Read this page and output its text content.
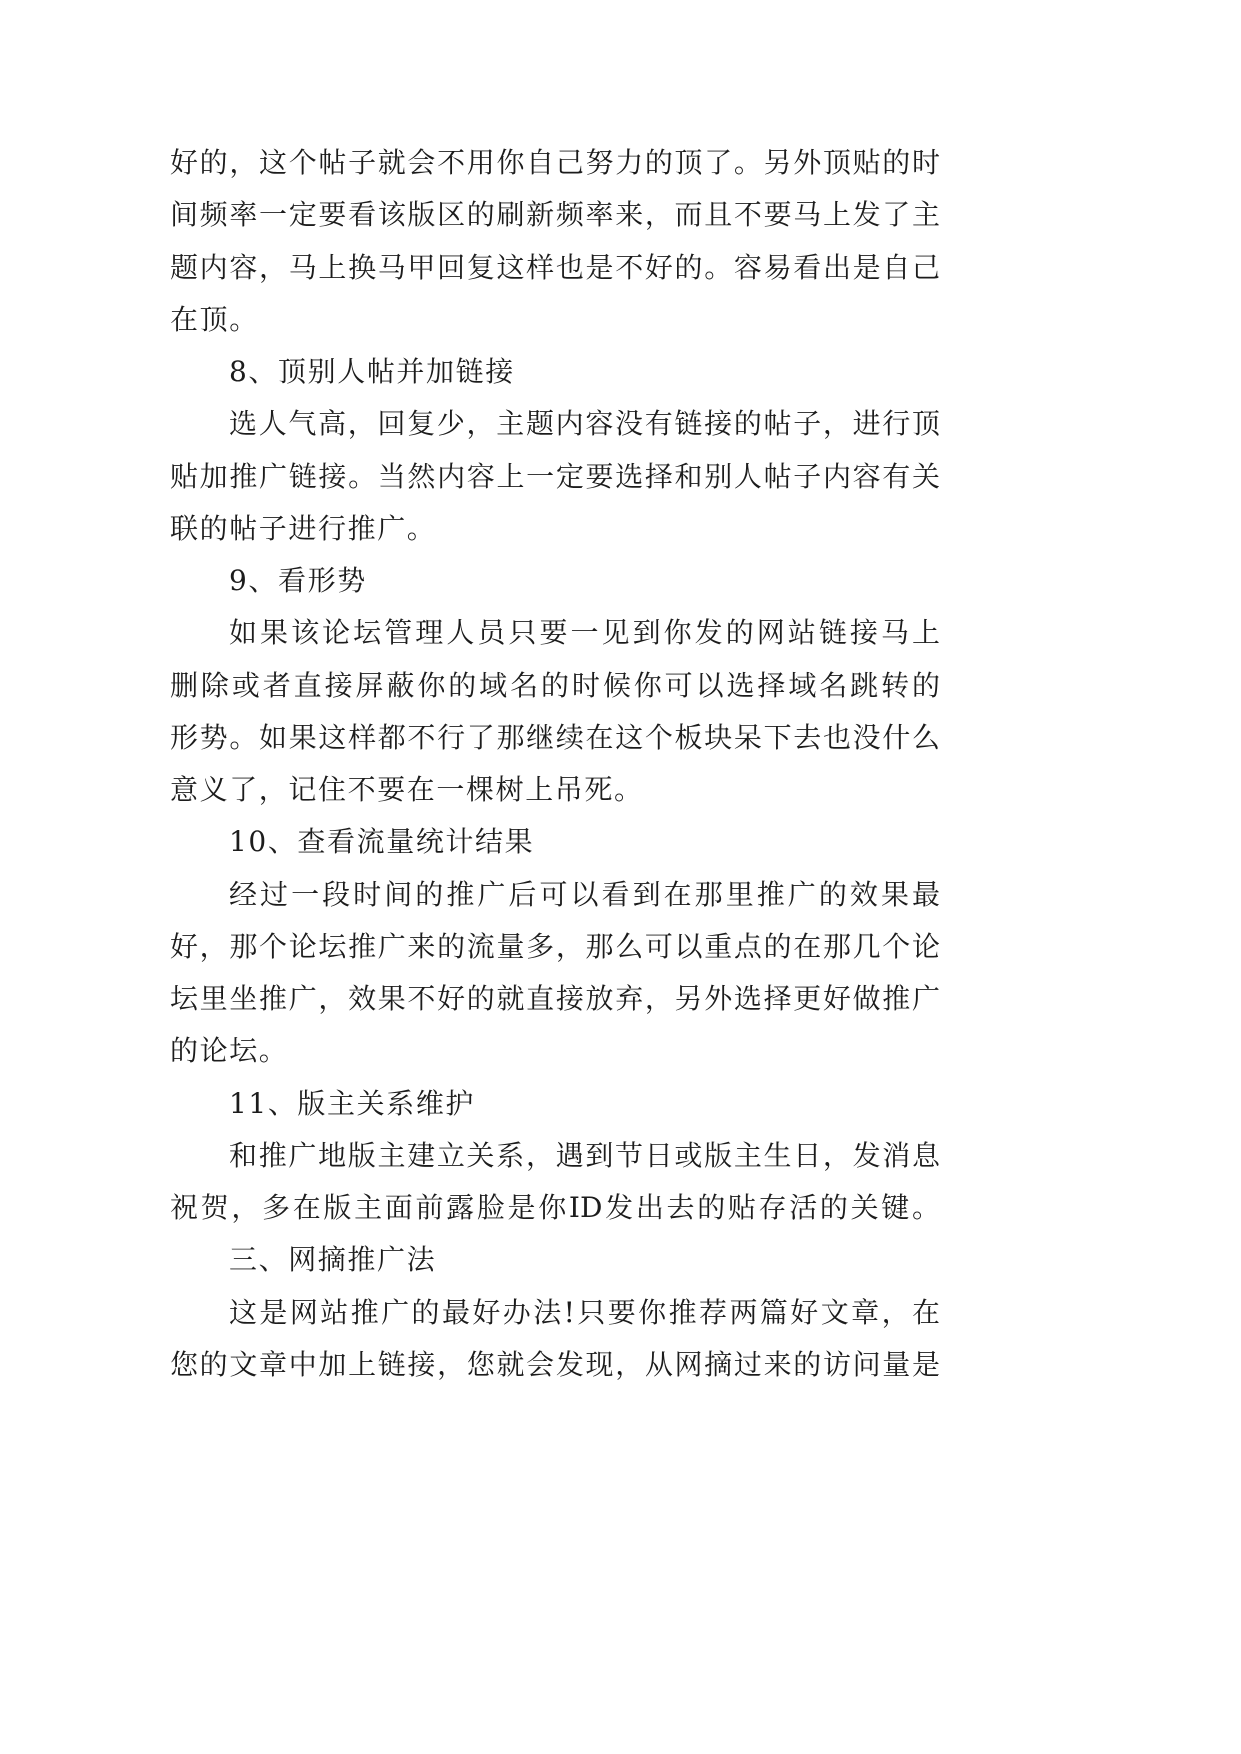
好的，这个帖子就会不用你自己努力的顶了。另外顶贴的时
间频率一定要看该版区的刷新频率来，而且不要马上发了主
题内容，马上换马甲回复这样也是不好的。容易看出是自己
在顶。
8、顶别人帖并加链接
选人气高，回复少，主题内容没有链接的帖子，进行顶
贴加推广链接。当然内容上一定要选择和别人帖子内容有关
联的帖子进行推广。
9、看形势
如果该论坛管理人员只要一见到你发的网站链接马上
删除或者直接屏蔽你的域名的时候你可以选择域名跳转的
形势。如果这样都不行了那继续在这个板块呆下去也没什么
意义了，记住不要在一棵树上吊死。
10、查看流量统计结果
经过一段时间的推广后可以看到在那里推广的效果最
好，那个论坛推广来的流量多，那么可以重点的在那几个论
坛里坐推广，效果不好的就直接放弃，另外选择更好做推广
的论坛。
11、版主关系维护
和推广地版主建立关系，遇到节日或版主生日，发消息
祝贺，多在版主面前露脸是你ID发出去的贴存活的关键。
三、网摘推广法
这是网站推广的最好办法!只要你推荐两篇好文章，在
您的文章中加上链接，您就会发现，从网摘过来的访问量是
